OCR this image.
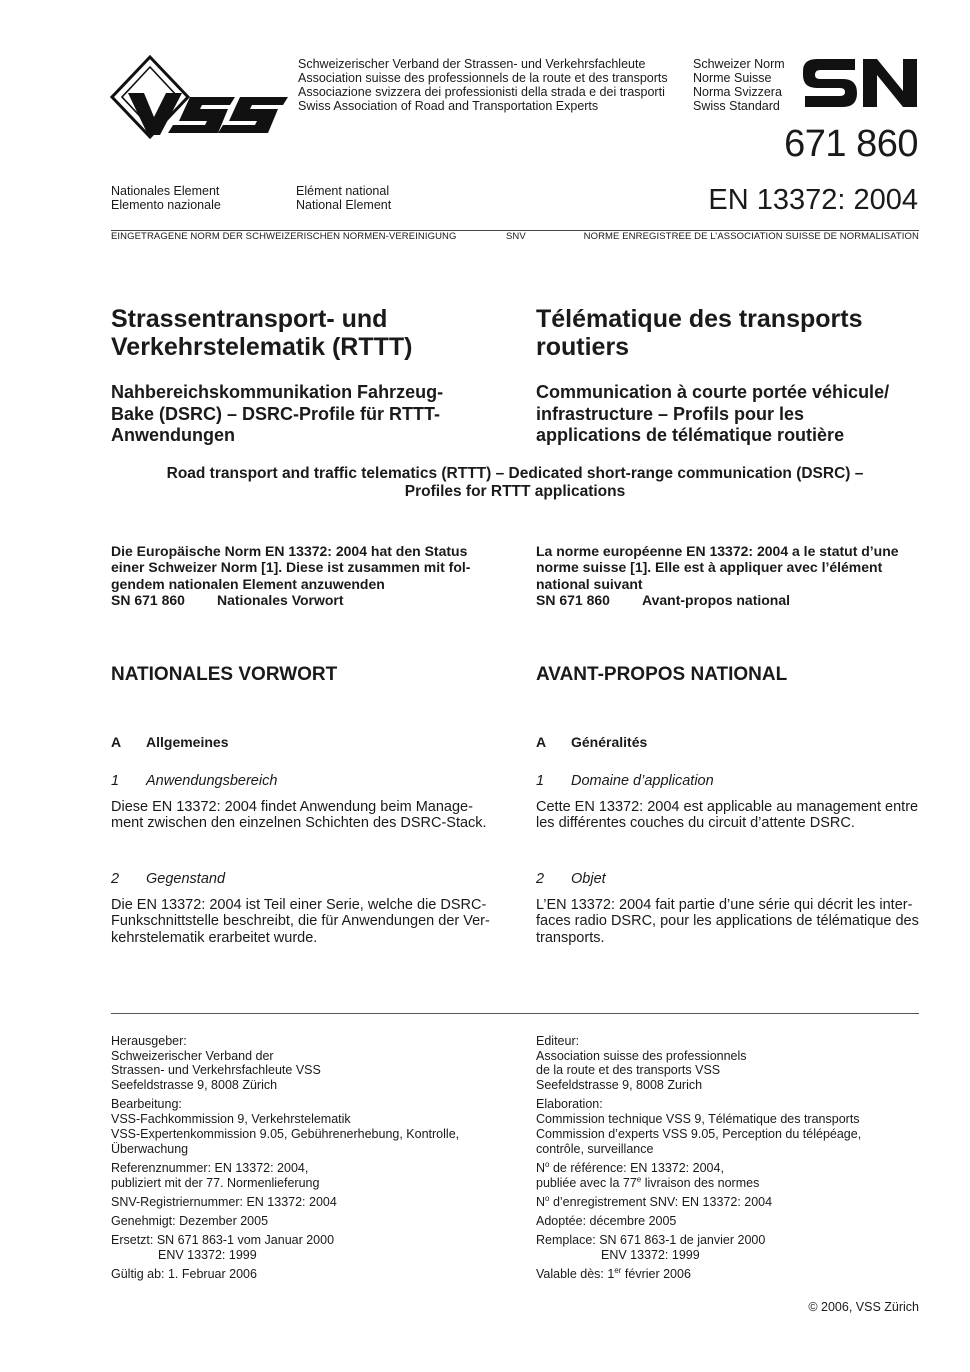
Schweizerischer Verband der Strassen- und Verkehrsfachleute
Association suisse des professionnels de la route et des transports
Associazione svizzera dei professionisti della strada e dei trasporti
Swiss Association of Road and Transportation Experts
Schweizer Norm
Norme Suisse
Norma Svizzera
Swiss Standard
671 860
EN 13372: 2004
Nationales Element
Elemento nazionale
Elément national
National Element
EINGETRAGENE NORM DER SCHWEIZERISCHEN NORMEN-VEREINIGUNG	SNV	NORME ENREGISTREE DE L’ASSOCIATION SUISSE DE NORMALISATION
Strassentransport- und
Verkehrstelematik (RTTT)
Télématique des transports
routiers
Nahbereichskommunikation Fahrzeug-
Bake (DSRC) – DSRC-Profile für RTTT-
Anwendungen
Communication à courte portée véhicule/
infrastructure – Profils pour les
applications de télématique routière
Road transport and traffic telematics (RTTT) – Dedicated short-range communication (DSRC) –
Profiles for RTTT applications
Die Europäische Norm EN 13372: 2004 hat den Status
einer Schweizer Norm [1]. Diese ist zusammen mit fol-
gendem nationalen Element anzuwenden
SN 671 860 Nationales Vorwort
La norme européenne EN 13372: 2004 a le statut d’une
norme suisse [1]. Elle est à appliquer avec l’élément
national suivant
SN 671 860 Avant-propos national
NATIONALES VORWORT	AVANT-PROPOS NATIONAL
A Allgemeines	A Généralités
1 Anwendungsbereich	1 Domaine d’application
Diese EN 13372: 2004 findet Anwendung beim Manage-
ment zwischen den einzelnen Schichten des DSRC-Stack.
Cette EN 13372: 2004 est applicable au management entre
les différentes couches du circuit d’attente DSRC.
2 Gegenstand	2 Objet
Die EN 13372: 2004 ist Teil einer Serie, welche die DSRC-
Funkschnittstelle beschreibt, die für Anwendungen der Ver-
kehrstelematik erarbeitet wurde.
L’EN 13372: 2004 fait partie d’une série qui décrit les inter-
faces radio DSRC, pour les applications de télématique des
transports.
Herausgeber:
Schweizerischer Verband der
Strassen- und Verkehrsfachleute VSS
Seefeldstrasse 9, 8008 Zürich
Bearbeitung:
VSS-Fachkommission 9, Verkehrstelematik
VSS-Expertenkommission 9.05, Gebührenerhebung, Kontrolle,
Überwachung
Referenznummer: EN 13372: 2004,
publiziert mit der 77. Normenlieferung
SNV-Registriernummer: EN 13372: 2004
Genehmigt: Dezember 2005
Ersetzt: SN 671 863-1 vom Januar 2000
ENV 13372: 1999
Gültig ab: 1. Februar 2006
Editeur:
Association suisse des professionnels
de la route et des transports VSS
Seefeldstrasse 9, 8008 Zurich
Elaboration:
Commission technique VSS 9, Télématique des transports
Commission d’experts VSS 9.05, Perception du télépéage,
contrôle, surveillance
$N^o$ de référence: EN 13372: 2004,
publiée avec la 77e livraison des normes
$N^o$ d’enregistrement SNV: EN 13372: 2004
Adoptée: décembre 2005
Remplace: SN 671 863-1 de janvier 2000
ENV 13372: 1999
Valable dès: 1er février 2006
© 2006, VSS Zürich
